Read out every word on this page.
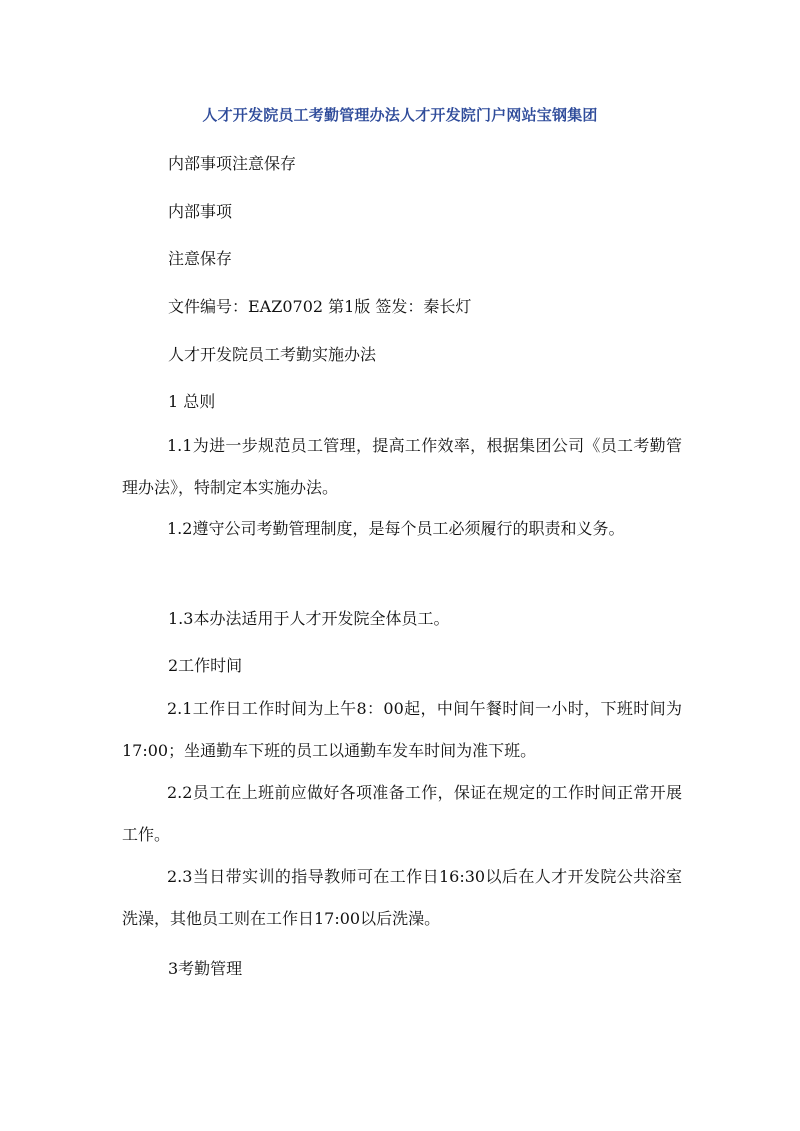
人才开发院员工考勤管理办法人才开发院门户网站宝钢集团
内部事项注意保存
内部事项
注意保存
文件编号：EAZ0702 第1版 签发：秦长灯
人才开发院员工考勤实施办法
1 总则
1.1为进一步规范员工管理，提高工作效率，根据集团公司《员工考勤管理办法》，特制定本实施办法。
1.2遵守公司考勤管理制度，是每个员工必须履行的职责和义务。
1.3本办法适用于人才开发院全体员工。
2工作时间
2.1工作日工作时间为上午8：00起，中间午餐时间一小时，下班时间为17:00；坐通勤车下班的员工以通勤车发车时间为准下班。
2.2员工在上班前应做好各项准备工作，保证在规定的工作时间正常开展工作。
2.3当日带实训的指导教师可在工作日16:30以后在人才开发院公共浴室洗澡，其他员工则在工作日17:00以后洗澡。
3考勤管理
